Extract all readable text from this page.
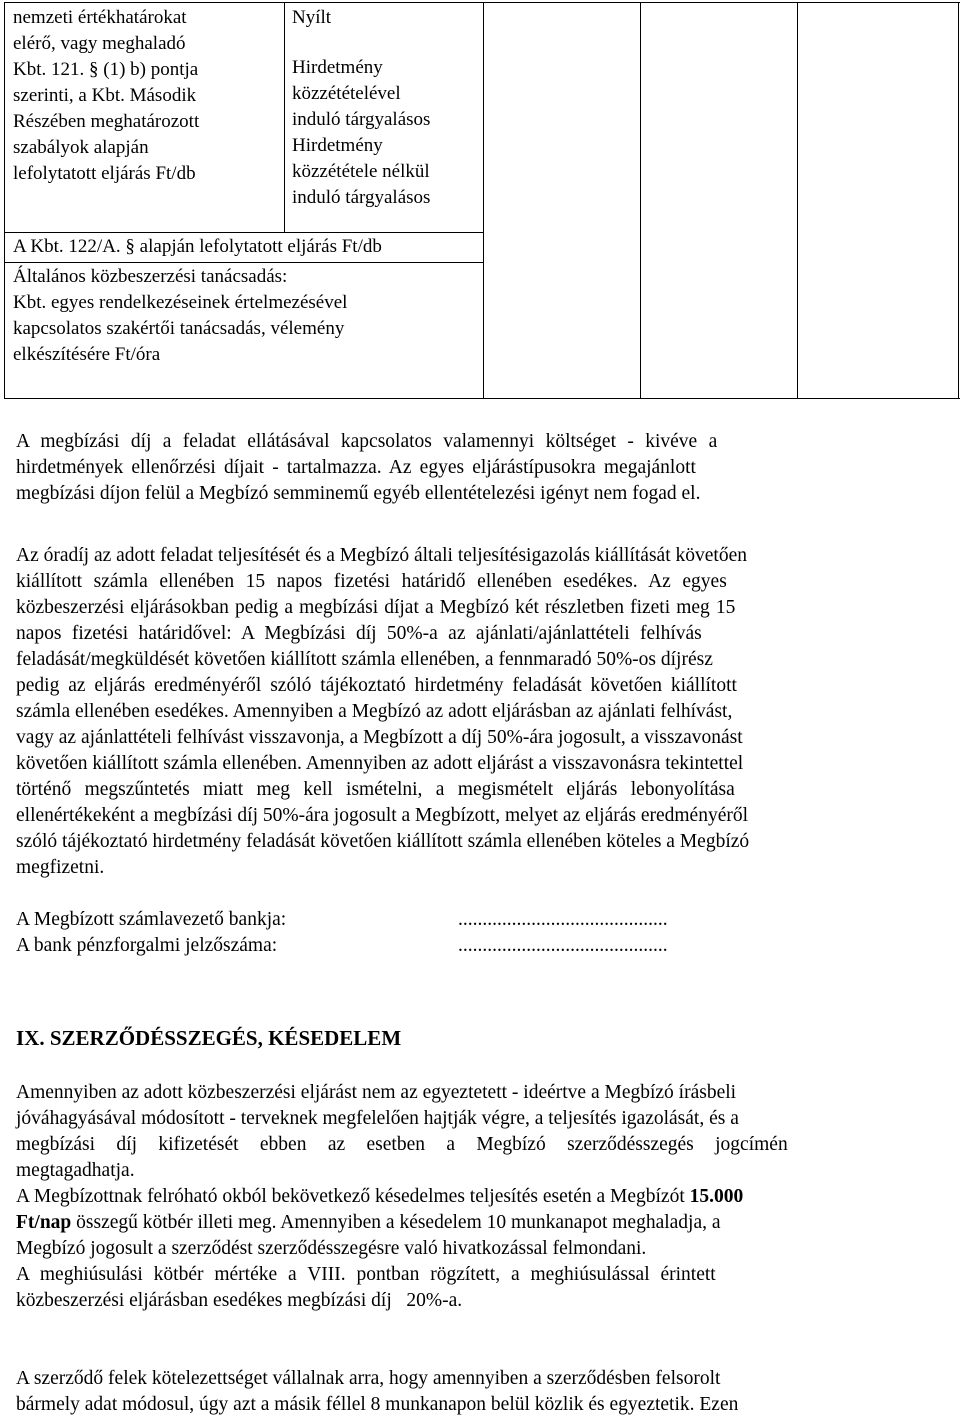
nemzeti értékhatárokat
elérő, vagy meghaladó
Kbt. 121. § (1) b) pontja
szerinti, a Kbt. Második
Részében meghatározott
szabályok alapján
lefolytatott eljárás Ft/db
Nyílt
Hirdetmény
közzétételével
induló tárgyalásos
Hirdetmény
közzététele nélkül
induló tárgyalásos
A Kbt. 122/A. § alapján lefolytatott eljárás Ft/db
Általános közbeszerzési tanácsadás:
Kbt. egyes rendelkezéseinek értelmezésével
kapcsolatos szakértői tanácsadás, vélemény
elkészítésére Ft/óra
A megbízási díj a feladat ellátásával kapcsolatos valamennyi költséget - kivéve a
hirdetmények ellenőrzési díjait - tartalmazza. Az egyes eljárástípusokra megajánlott
megbízási díjon felül a Megbízó semminemű egyéb ellentételezési igényt nem fogad el.
Az óradíj az adott feladat teljesítését és a Megbízó általi teljesítésigazolás kiállítását követően
kiállított számla ellenében 15 napos fizetési határidő ellenében esedékes. Az egyes
közbeszerzési eljárásokban pedig a megbízási díjat a Megbízó két részletben fizeti meg 15
napos fizetési határidővel: A Megbízási díj 50%-a az ajánlati/ajánlattételi felhívás
feladását/megküldését követően kiállított számla ellenében, a fennmaradó 50%-os díjrész
pedig az eljárás eredményéről szóló tájékoztató hirdetmény feladását követően kiállított
számla ellenében esedékes. Amennyiben a Megbízó az adott eljárásban az ajánlati felhívást,
vagy az ajánlattételi felhívást visszavonja, a Megbízott a díj 50%-ára jogosult, a visszavonást
követően kiállított számla ellenében. Amennyiben az adott eljárást a visszavonásra tekintettel
történő megszűntetés miatt meg kell ismételni, a megismételt eljárás lebonyolítása
ellenértékeként a megbízási díj 50%-ára jogosult a Megbízott, melyet az eljárás eredményéről
szóló tájékoztató hirdetmény feladását követően kiállított számla ellenében köteles a Megbízó
megfizetni.
A Megbízott számlavezető bankja:	...........................................
A bank pénzforgalmi jelzőszáma:	...........................................
IX. SZERZŐDÉSSZEGÉS, KÉSEDELEM
Amennyiben az adott közbeszerzési eljárást nem az egyeztetett - ideértve a Megbízó írásbeli
jóváhagyásával módosított - terveknek megfelelően hajtják végre, a teljesítés igazolását, és a
megbízási díj kifizetését ebben az esetben a Megbízó szerződésszegés jogcímén
megtagadhatja.
A Megbízottnak felróható okból bekövetkező késedelmes teljesítés esetén a Megbízót 15.000
Ft/nap összegű kötbér illeti meg. Amennyiben a késedelem 10 munkanapot meghaladja, a
Megbízó jogosult a szerződést szerződésszegésre való hivatkozással felmondani.
A meghiúsulási kötbér mértéke a VIII. pontban rögzített, a meghiúsulással érintett
közbeszerzési eljárásban esedékes megbízási díj   20%-a.
A szerződő felek kötelezettséget vállalnak arra, hogy amennyiben a szerződésben felsorolt
bármely adat módosul, úgy azt a másik féllel 8 munkanapon belül közlik és egyeztetik. Ezen
